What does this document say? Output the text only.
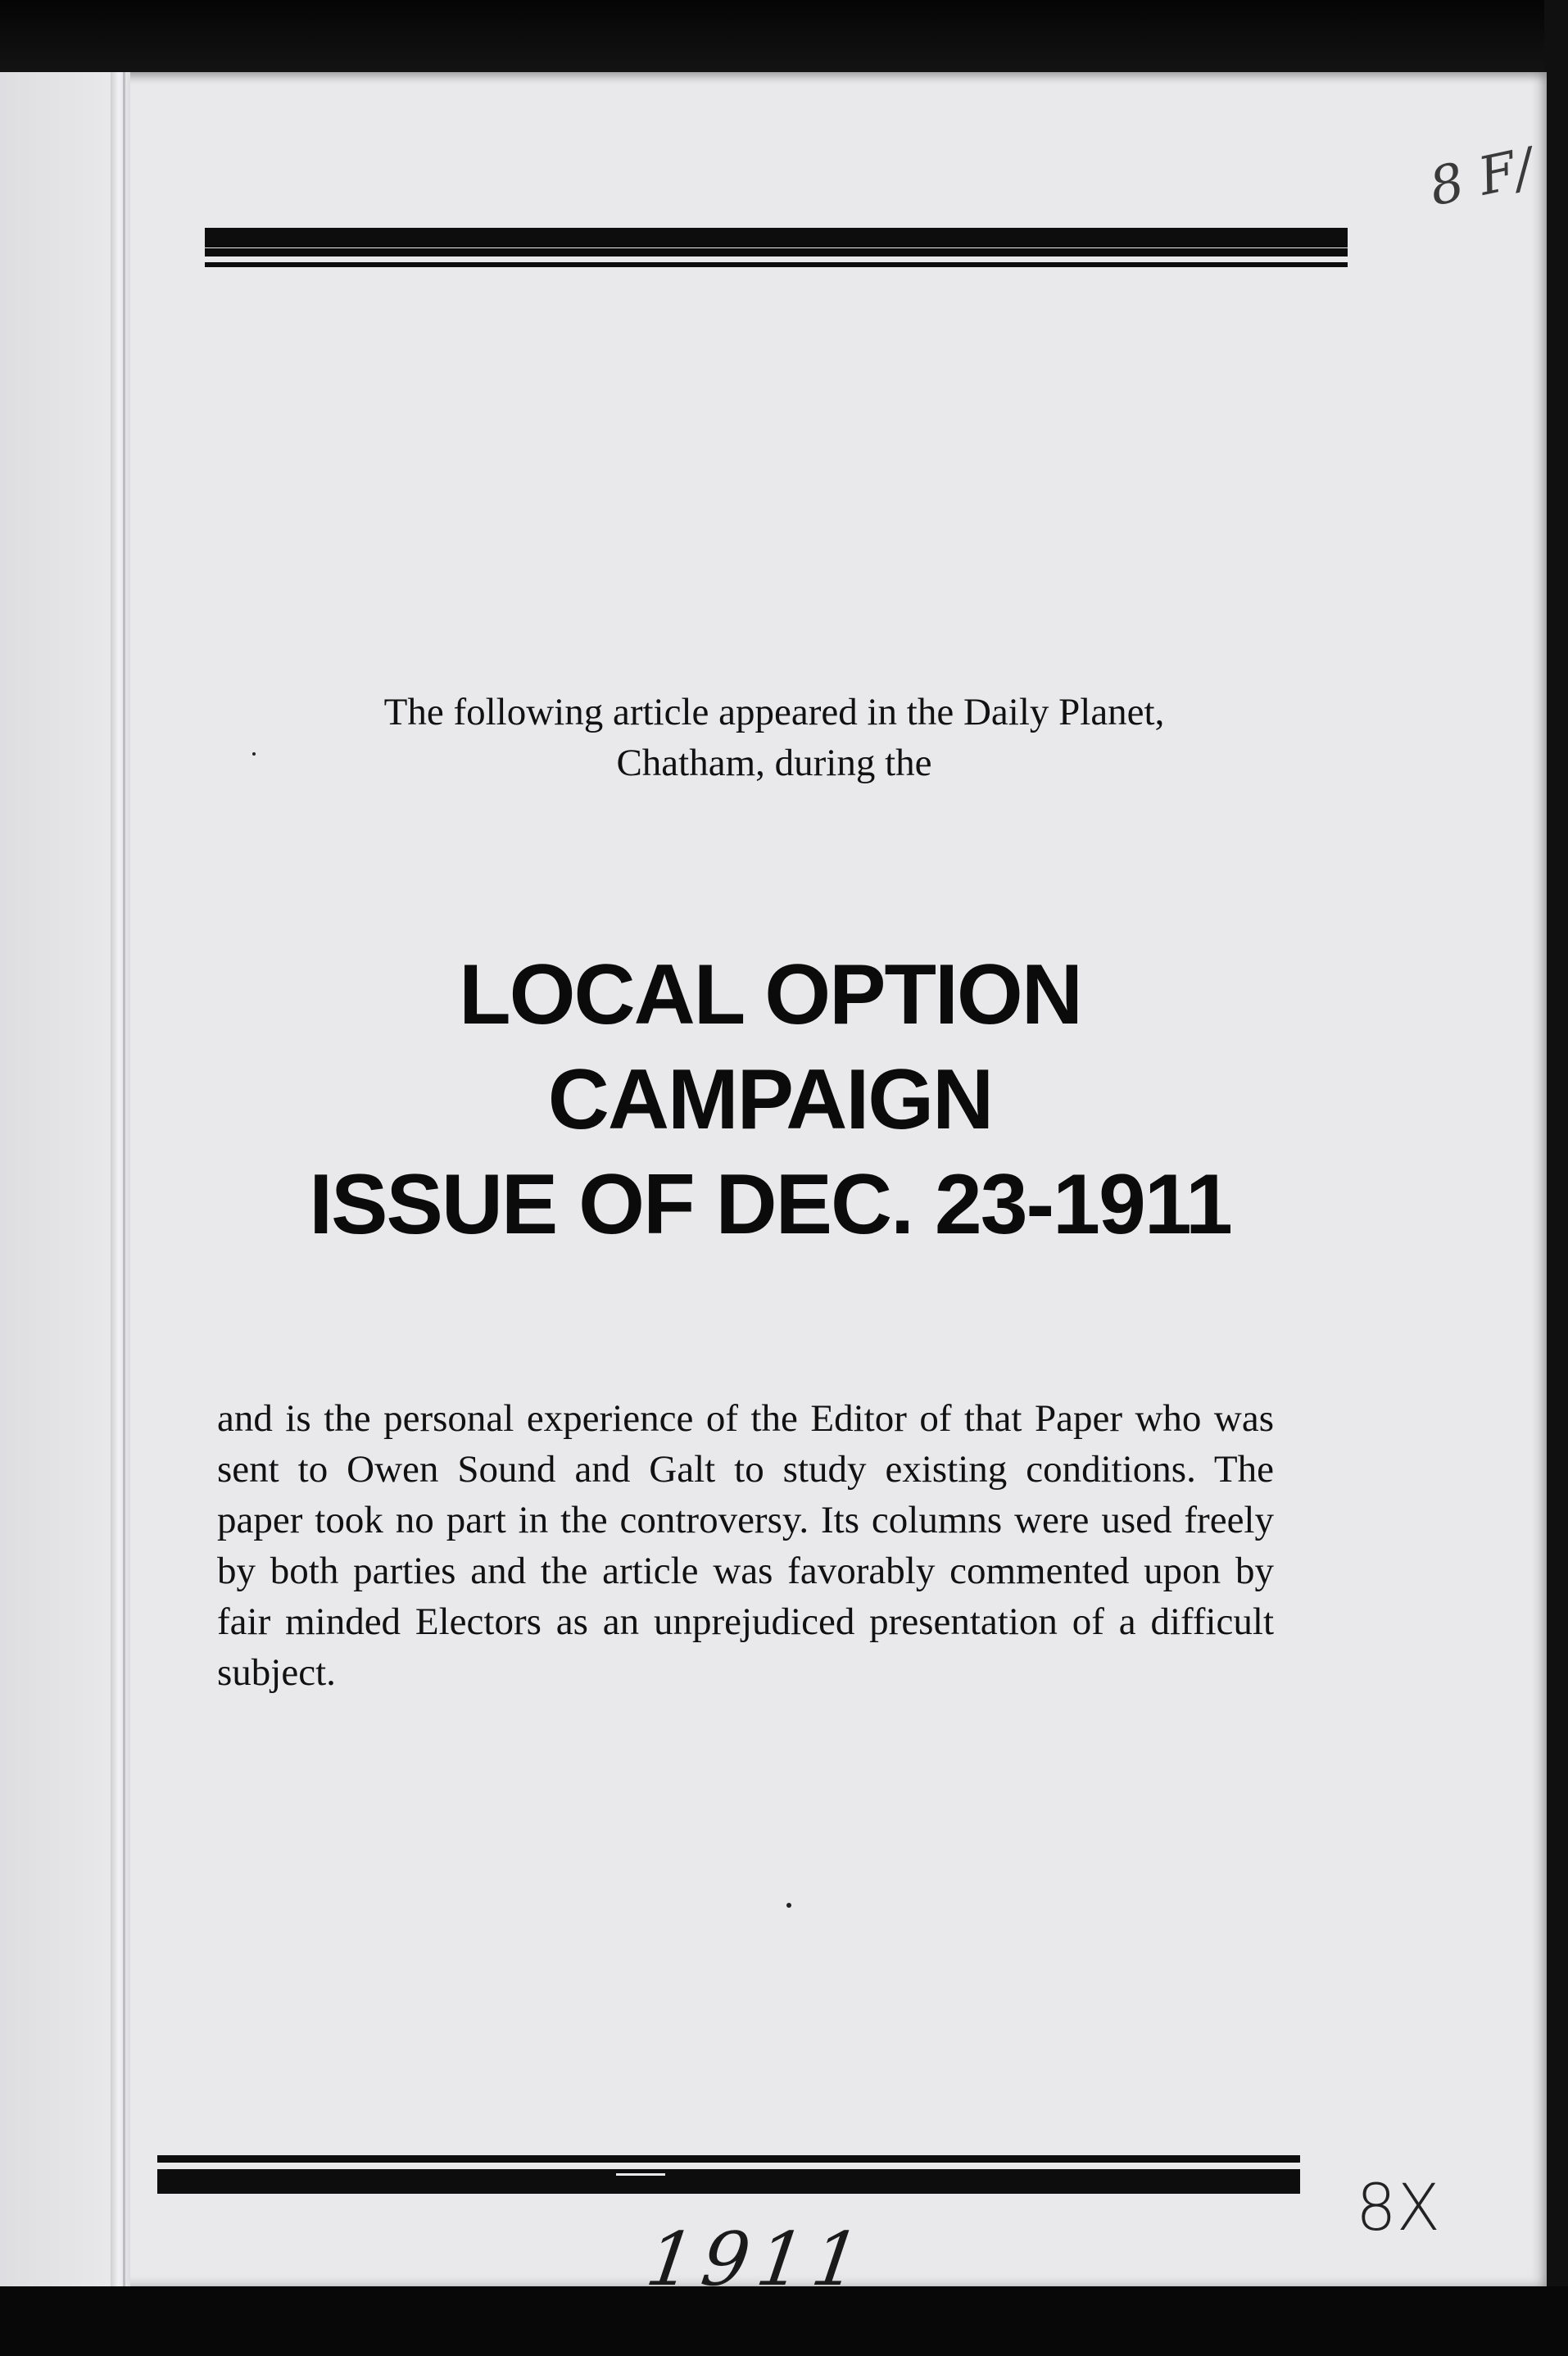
8 F/
The following article appeared in the Daily Planet,
Chatham, during the
LOCAL OPTION
CAMPAIGN
ISSUE OF DEC. 23-1911
and is the personal experience of the Editor of that Paper who was sent to Owen Sound and Galt to study existing conditions. The paper took no part in the controversy. Its columns were used freely by both parties and the article was favorably commented upon by fair minded Electors as an unprejudiced presentation of a difficult subject.
1911
8X
